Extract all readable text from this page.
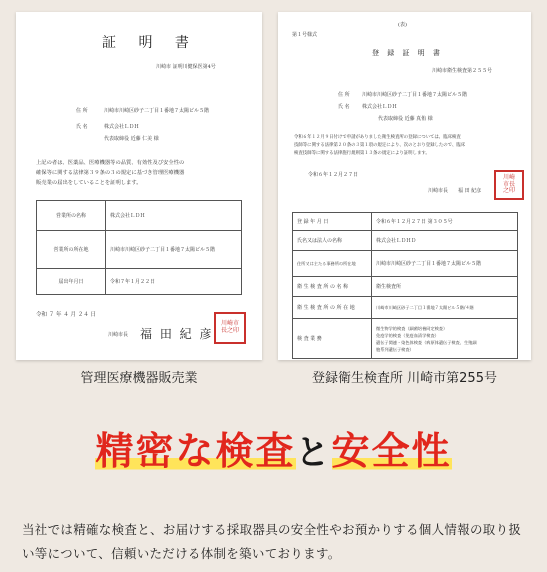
証 明 書
川崎市 証明川健保医第4号
住 所	川崎市川崎区砂子二丁目１番地７太陽ビル５階
氏 名	株式会社ＬＤＨ
代表取締役 近藤 仁美 様
上記の者は、医薬品、医療機器等の品質、有効性及び安全性の
確保等に関する法律第３９条の３の規定に基づき管理医療機器
販売業の届出をしていることを証明します。
営業所の名称	株式会社ＬＤＨ
営業所の所在地	川崎市川崎区砂子二丁目１番地７太陽ビル５階
届出年月日	令和７年１月２２日
令和 ７ 年 ４ 月 ２４ 日
川崎市長 福 田 紀 彦
川崎市長之印
(表)
第１号様式
登 録 証 明 書
川崎市衛生検査第２５５号
住 所 川崎市川崎区砂子二丁目１番地７太陽ビル５階
氏 名 株式会社ＬＤＨ
代表取締役 近藤 真侑 様
令和６年１２月９日付けで申請がありました衛生検査所の登録については、臨床検査
技師等に関する法律第２０条の３第１項の規定により、次のとおり登録したので、臨床
検査技師等に関する法律施行規則第１３条の規定により証明します。
令和６年１２月２７日
川崎市長 福 田 紀彦
川崎市長之印
登 録 年 月 日	令和６年１２月２７日 第３０５号
氏名又は法人の名称	株式会社ＬＤＨＤ
住所又は主たる事務所の所在地	川崎市川崎区砂子二丁目１番地７太陽ビル５階
衛 生 検 査 所 の 名 称	衛生検査所
衛 生 検 査 所 の 所 在 地	川崎市川崎区砂子二丁目１番地７太陽ビル５階/４階
検 査 業 務	微生物学的検査（細菌培養同定検査）
免疫学的検査（免疫血清学検査）
遺伝子関連・染色体検査（病原体遺伝子検査、生殖細
胞系列遺伝子検査）
管理医療機器販売業	登録衛生検査所 川崎市第255号
精密な検査と安全性
当社では精確な検査と、お届けする採取器具の安全性やお預かりする個人情報の取り扱い等について、信頼いただける体制を築いております。
